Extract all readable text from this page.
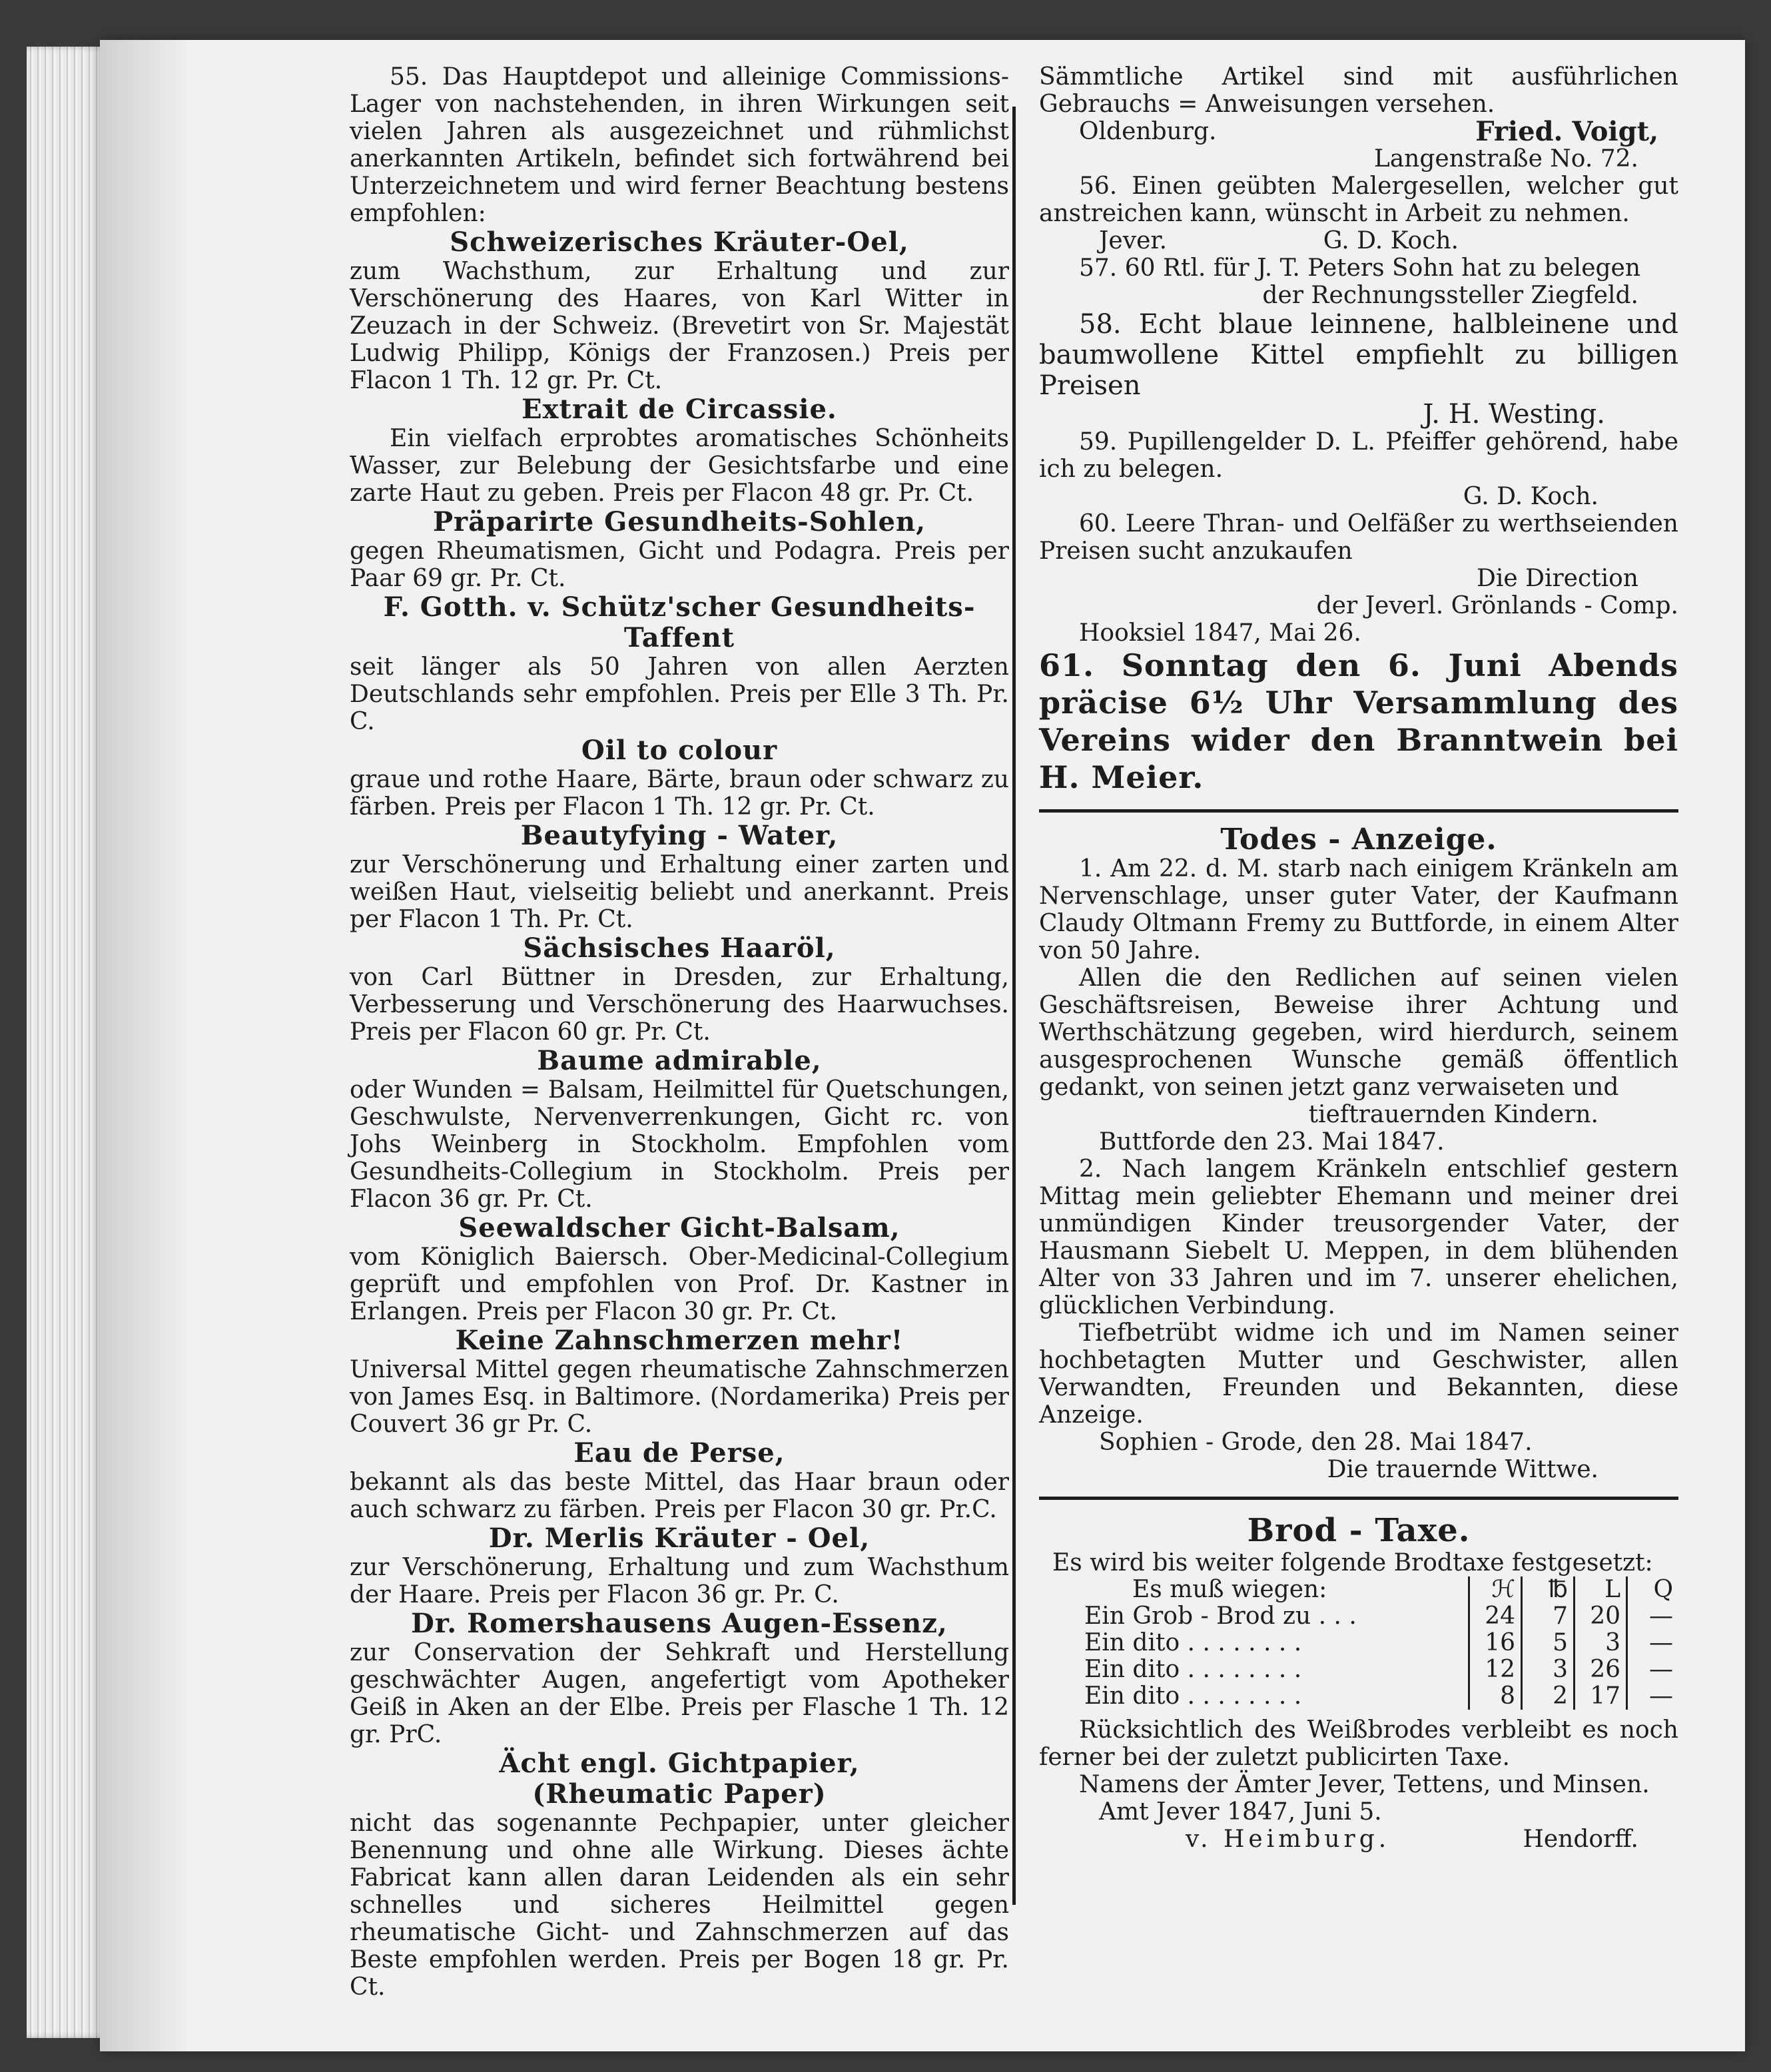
55. Das Hauptdepot und alleinige Commissions-Lager von nachstehenden, in ihren Wirkungen seit vielen Jahren als ausgezeichnet und rühmlichst anerkannten Artikeln, befindet sich fortwährend bei Unterzeichnetem und wird ferner Beachtung bestens empfohlen:

Schweizerisches Kräuter-Oel,

zum Wachsthum, zur Erhaltung und zur Verschönerung des Haares, von Karl Witter in Zeuzach in der Schweiz. (Brevetirt von Sr. Majestät Ludwig Philipp, Königs der Franzosen.) Preis per Flacon 1 Th. 12 gr. Pr. Ct.

Extrait de Circassie.

Ein vielfach erprobtes aromatisches Schönheits Wasser, zur Belebung der Gesichtsfarbe und eine zarte Haut zu geben. Preis per Flacon 48 gr. Pr. Ct.

Präparirte Gesundheits-Sohlen,

gegen Rheumatismen, Gicht und Podagra. Preis per Paar 69 gr. Pr. Ct.

F. Gotth. v. Schütz'scher Gesundheits-Taffent

seit länger als 50 Jahren von allen Aerzten Deutschlands sehr empfohlen. Preis per Elle 3 Th. Pr. C.

Oil to colour

graue und rothe Haare, Bärte, braun oder schwarz zu färben. Preis per Flacon 1 Th. 12 gr. Pr. Ct.

Beautyfying - Water,

zur Verschönerung und Erhaltung einer zarten und weißen Haut, vielseitig beliebt und anerkannt. Preis per Flacon 1 Th. Pr. Ct.

Sächsisches Haaröl,

von Carl Büttner in Dresden, zur Erhaltung, Verbesserung und Verschönerung des Haarwuchses. Preis per Flacon 60 gr. Pr. Ct.

Baume admirable,

oder Wunden = Balsam, Heilmittel für Quetschungen, Geschwulste, Nervenverrenkungen, Gicht rc. von Johs Weinberg in Stockholm. Empfohlen vom Gesundheits-Collegium in Stockholm. Preis per Flacon 36 gr. Pr. Ct.

Seewaldscher Gicht-Balsam,

vom Königlich Baiersch. Ober-Medicinal-Collegium geprüft und empfohlen von Prof. Dr. Kastner in Erlangen. Preis per Flacon 30 gr. Pr. Ct.

Keine Zahnschmerzen mehr!

Universal Mittel gegen rheumatische Zahnschmerzen von James Esq. in Baltimore. (Nordamerika) Preis per Couvert 36 gr Pr. C.

Eau de Perse,

bekannt als das beste Mittel, das Haar braun oder auch schwarz zu färben. Preis per Flacon 30 gr. Pr.C.

Dr. Merlis Kräuter - Oel,

zur Verschönerung, Erhaltung und zum Wachsthum der Haare. Preis per Flacon 36 gr. Pr. C.

Dr. Romershausens Augen-Essenz,

zur Conservation der Sehkraft und Herstellung geschwächter Augen, angefertigt vom Apotheker Geiß in Aken an der Elbe. Preis per Flasche 1 Th. 12 gr. PrC.

Ächt engl. Gichtpapier,
(Rheumatic Paper)

nicht das sogenannte Pechpapier, unter gleicher Benennung und ohne alle Wirkung. Dieses ächte Fabricat kann allen daran Leidenden als ein sehr schnelles und sicheres Heilmittel gegen rheumatische Gicht- und Zahnschmerzen auf das Beste empfohlen werden. Preis per Bogen 18 gr. Pr. Ct.

Sämmtliche Artikel sind mit ausführlichen Gebrauchs = Anweisungen versehen.

Oldenburg.	Fried. Voigt,

Langenstraße No. 72.

56. Einen geübten Malergesellen, welcher gut anstreichen kann, wünscht in Arbeit zu nehmen.

Jever.	G. D. Koch.

57. 60 Rtl. für J. T. Peters Sohn hat zu belegen

der Rechnungssteller Ziegfeld.

58. Echt blaue leinnene, halbleinene und baumwollene Kittel empfiehlt zu billigen Preisen

J. H. Westing.

59. Pupillengelder D. L. Pfeiffer gehörend, habe ich zu belegen.

G. D. Koch.

60. Leere Thran- und Oelfäßer zu werthseienden Preisen sucht anzukaufen

Die Direction

der Jeverl. Grönlands - Comp.

Hooksiel 1847, Mai 26.

61. Sonntag den 6. Juni Abends präcise 6½ Uhr Versammlung des Vereins wider den Branntwein bei H. Meier.

Todes - Anzeige.

1. Am 22. d. M. starb nach einigem Kränkeln am Nervenschlage, unser guter Vater, der Kaufmann Claudy Oltmann Fremy zu Buttforde, in einem Alter von 50 Jahre.

Allen die den Redlichen auf seinen vielen Geschäftsreisen, Beweise ihrer Achtung und Werthschätzung gegeben, wird hierdurch, seinem ausgesprochenen Wunsche gemäß öffentlich gedankt, von seinen jetzt ganz verwaiseten und

tieftrauernden Kindern.

Buttforde den 23. Mai 1847.

2. Nach langem Kränkeln entschlief gestern Mittag mein geliebter Ehemann und meiner drei unmündigen Kinder treusorgender Vater, der Hausmann Siebelt U. Meppen, in dem blühenden Alter von 33 Jahren und im 7. unserer ehelichen, glücklichen Verbindung.

Tiefbetrübt widme ich und im Namen seiner hochbetagten Mutter und Geschwister, allen Verwandten, Freunden und Bekannten, diese Anzeige.

Sophien - Grode, den 28. Mai 1847.

Die trauernde Wittwe.

Brod - Taxe.

Es wird bis weiter folgende Brodtaxe festgesetzt:

Es muß wiegen:	ℋ	℔	L	Q
Ein Grob - Brod zu . . .	24	7	20	—
Ein dito . . . . . . . .	16	5	3	—
Ein dito . . . . . . . .	12	3	26	—
Ein dito . . . . . . . .	8	2	17	—

Rücksichtlich des Weißbrodes verbleibt es noch ferner bei der zuletzt publicirten Taxe.

Namens der Ämter Jever, Tettens, und Minsen.

Amt Jever 1847, Juni 5.

v. Heimburg.	Hendorff.
